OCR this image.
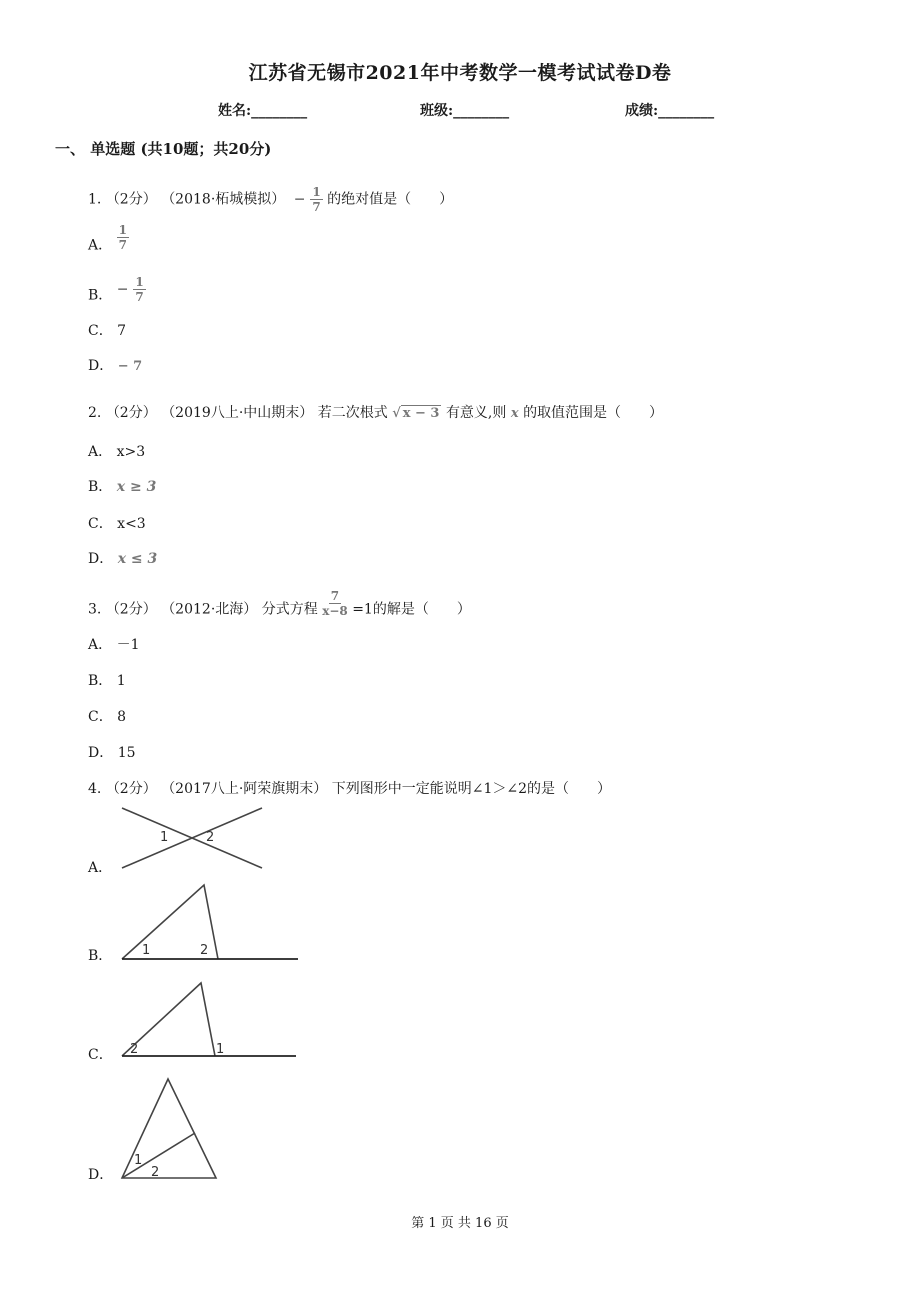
江苏省无锡市2021年中考数学一模考试试卷D卷
姓名:________	班级:________	成绩:________
一、 单选题 (共10题；共20分)
1. （2分） （2018·柘城模拟） − $\frac{1}{7}$ 的绝对值是（　　）
A． $\frac{1}{7}$
B． − $\frac{1}{7}$
C． 7
D． − 7
2. （2分） （2019八上·中山期末） 若二次根式 √ x − 3 有意义,则 x 的取值范围是（　　）
A． x>3
B． x ≥ 3
C． x<3
D． x ≤ 3
3. （2分） （2012·北海） 分式方程 $\frac{7}{x-8} =1$的解是（　　）
A． －1
B． 1
C． 8
D． 15
4. （2分） （2017八上·阿荣旗期末） 下列图形中一定能说明∠1＞∠2的是（　　）
A．
1	2
B． 1	2
C． 2	1
D．
1
2
第 1 页 共 16 页
